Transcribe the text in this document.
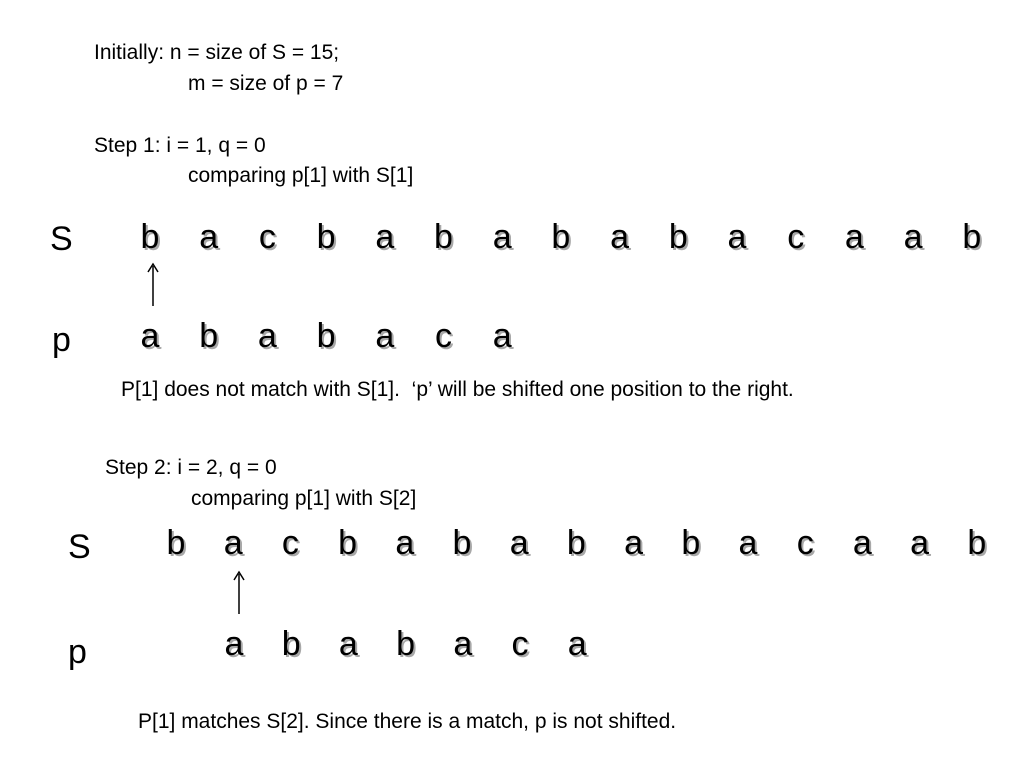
Initially: n = size of S = 15;
m = size of p = 7
Step 1: i = 1, q = 0
comparing p[1] with S[1]
S	b	a	c	b	a	b	a	b	a	b	a	c	a	a	b
p	a	b	a	b	a	c	a
P[1] does not match with S[1].  ‘p’ will be shifted one position to the right.
Step 2: i = 2, q = 0
comparing p[1] with S[2]
S	b	a	c	b	a	b	a	b	a	b	a	c	a	a	b
p	a	b	a	b	a	c	a
P[1] matches S[2]. Since there is a match, p is not shifted.
